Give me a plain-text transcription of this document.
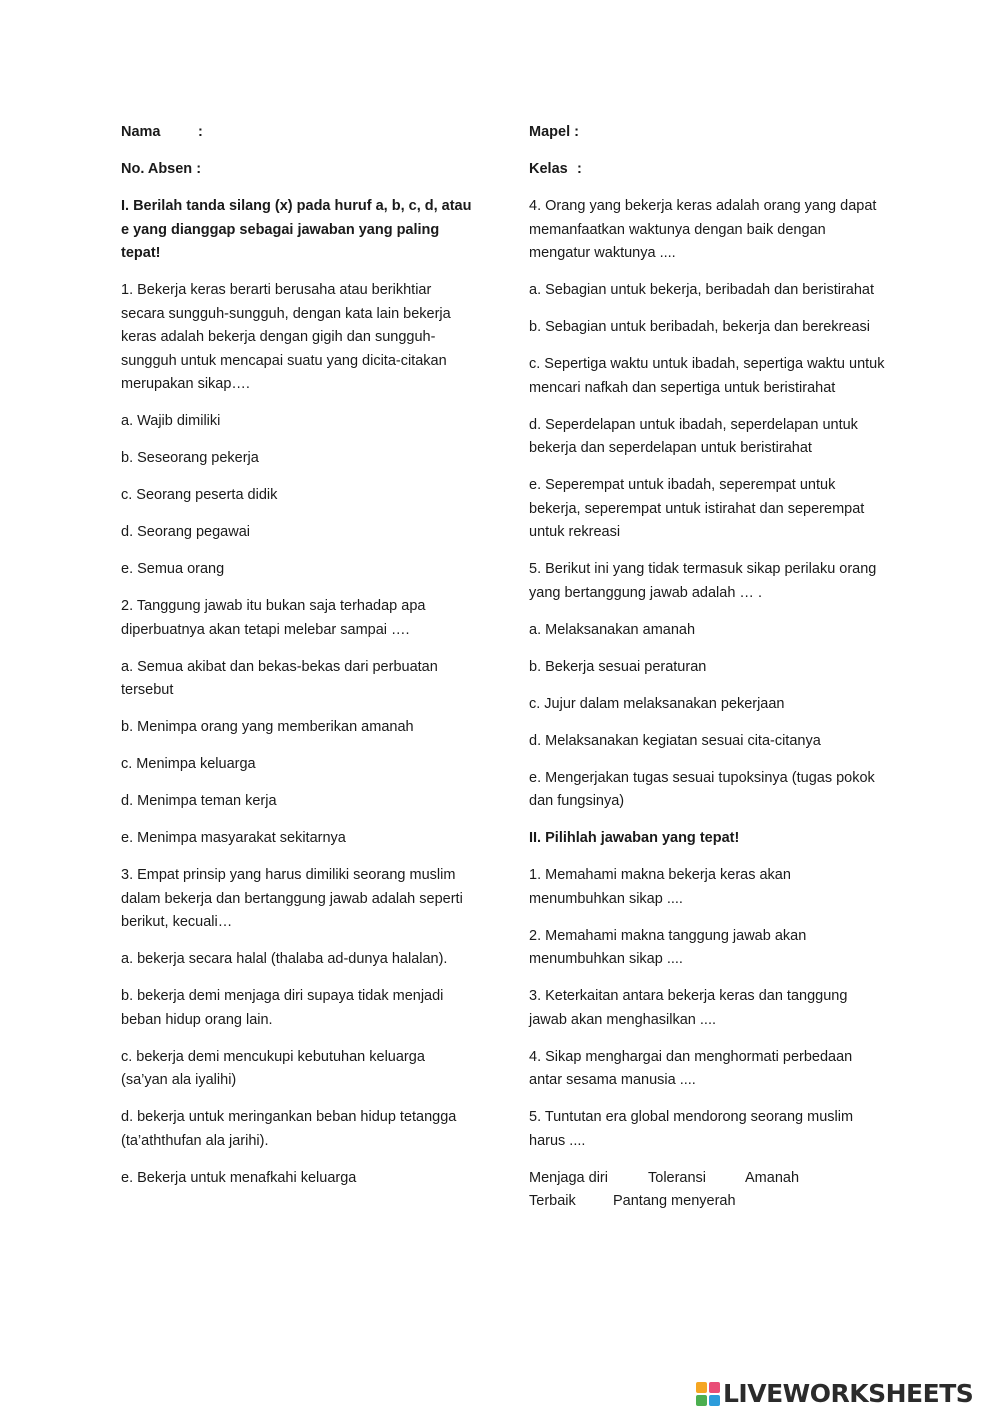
Nama	:
No. Absen :
I. Berilah tanda silang (x) pada huruf a, b, c, d, atau e yang dianggap sebagai jawaban yang paling tepat!
1. Bekerja keras berarti berusaha atau berikhtiar secara sungguh-sungguh, dengan kata lain bekerja keras adalah bekerja dengan gigih dan sungguh-sungguh untuk mencapai suatu yang dicita-citakan merupakan sikap….
a. Wajib dimiliki
b. Seseorang pekerja
c. Seorang peserta didik
d. Seorang pegawai
e. Semua orang
2. Tanggung jawab itu bukan saja terhadap apa diperbuatnya akan tetapi melebar sampai ….
a. Semua akibat dan bekas-bekas dari perbuatan tersebut
b. Menimpa orang yang memberikan amanah
c. Menimpa keluarga
d. Menimpa teman kerja
e. Menimpa masyarakat sekitarnya
3. Empat prinsip yang harus dimiliki seorang muslim dalam bekerja dan bertanggung jawab adalah seperti berikut, kecuali…
a. bekerja secara halal (thalaba ad-dunya halalan).
b. bekerja demi menjaga diri supaya tidak menjadi beban hidup orang lain.
c. bekerja demi mencukupi kebutuhan keluarga (sa’yan ala iyalihi)
d. bekerja untuk meringankan beban hidup tetangga (ta’aththufan ala jarihi).
e. Bekerja untuk menafkahi keluarga
Mapel :
Kelas :
4. Orang yang bekerja keras adalah orang yang dapat memanfaatkan waktunya dengan baik dengan mengatur waktunya ....
a. Sebagian untuk bekerja, beribadah dan beristirahat
b. Sebagian untuk beribadah, bekerja dan berekreasi
c. Sepertiga waktu untuk ibadah, sepertiga waktu untuk mencari nafkah dan sepertiga untuk beristirahat
d. Seperdelapan untuk ibadah, seperdelapan untuk bekerja dan seperdelapan untuk beristirahat
e. Seperempat untuk ibadah, seperempat untuk bekerja, seperempat untuk istirahat dan seperempat untuk rekreasi
5. Berikut ini yang tidak termasuk sikap perilaku orang yang bertanggung jawab adalah … .
a. Melaksanakan amanah
b. Bekerja sesuai peraturan
c. Jujur dalam melaksanakan pekerjaan
d. Melaksanakan kegiatan sesuai cita-citanya
e. Mengerjakan tugas sesuai tupoksinya (tugas pokok dan fungsinya)
II. Pilihlah jawaban yang tepat!
1. Memahami makna bekerja keras akan menumbuhkan sikap ....
2. Memahami makna tanggung jawab akan menumbuhkan sikap ....
3. Keterkaitan antara bekerja keras dan tanggung jawab akan menghasilkan ....
4. Sikap menghargai dan menghormati perbedaan antar sesama manusia ....
5. Tuntutan era global mendorong seorang muslim harus ....
Menjaga diri	Toleransi	Amanah
Terbaik	Pantang menyerah
LIVEWORKSHEETS
